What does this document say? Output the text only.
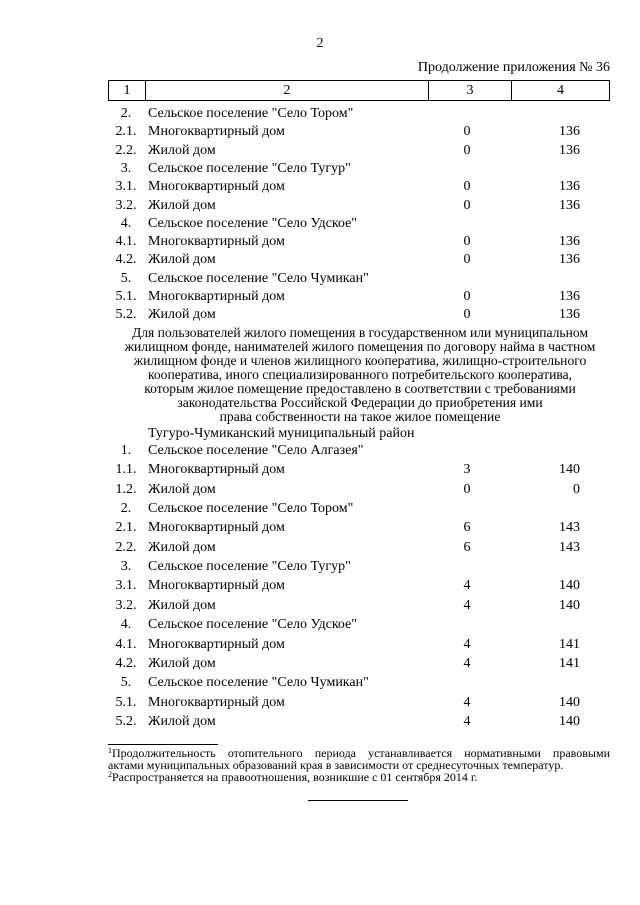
2
Продолжение приложения № 36
1	2	3	4
2.	Сельское поселение "Село Тором"
2.1. Многоквартирный дом	0	136
2.2. Жилой дом	0	136
3.	Сельское поселение "Село Тугур"
3.1. Многоквартирный дом	0	136
3.2. Жилой дом	0	136
4.	Сельское поселение "Село Удское"
4.1. Многоквартирный дом	0	136
4.2. Жилой дом	0	136
5.	Сельское поселение "Село Чумикан"
5.1. Многоквартирный дом	0	136
5.2. Жилой дом	0	136
Для пользователей жилого помещения в государственном или муниципальном
жилищном фонде, нанимателей жилого помещения по договору найма в частном
жилищном фонде и членов жилищного кооператива, жилищно-строительного
кооператива, иного специализированного потребительского кооператива,
которым жилое помещение предоставлено в соответствии с требованиями
законодательства Российской Федерации до приобретения ими
права собственности на такое жилое помещение
Тугуро-Чумиканский муниципальный район
1.	Сельское поселение "Село Алгазея"
1.1. Многоквартирный дом	3	140
1.2. Жилой дом	0	0
2.	Сельское поселение "Село Тором"
2.1. Многоквартирный дом	6	143
2.2. Жилой дом	6	143
3.	Сельское поселение "Село Тугур"
3.1. Многоквартирный дом	4	140
3.2. Жилой дом	4	140
4.	Сельское поселение "Село Удское"
4.1. Многоквартирный дом	4	141
4.2. Жилой дом	4	141
5.	Сельское поселение "Село Чумикан"
5.1. Многоквартирный дом	4	140
5.2. Жилой дом	4	140
$^1$Продолжительность отопительного периода устанавливается нормативными правовыми
актами муниципальных образований края в зависимости от среднесуточных температур.
$^2$Распространяется на правоотношения, возникшие с 01 сентября 2014 г.
